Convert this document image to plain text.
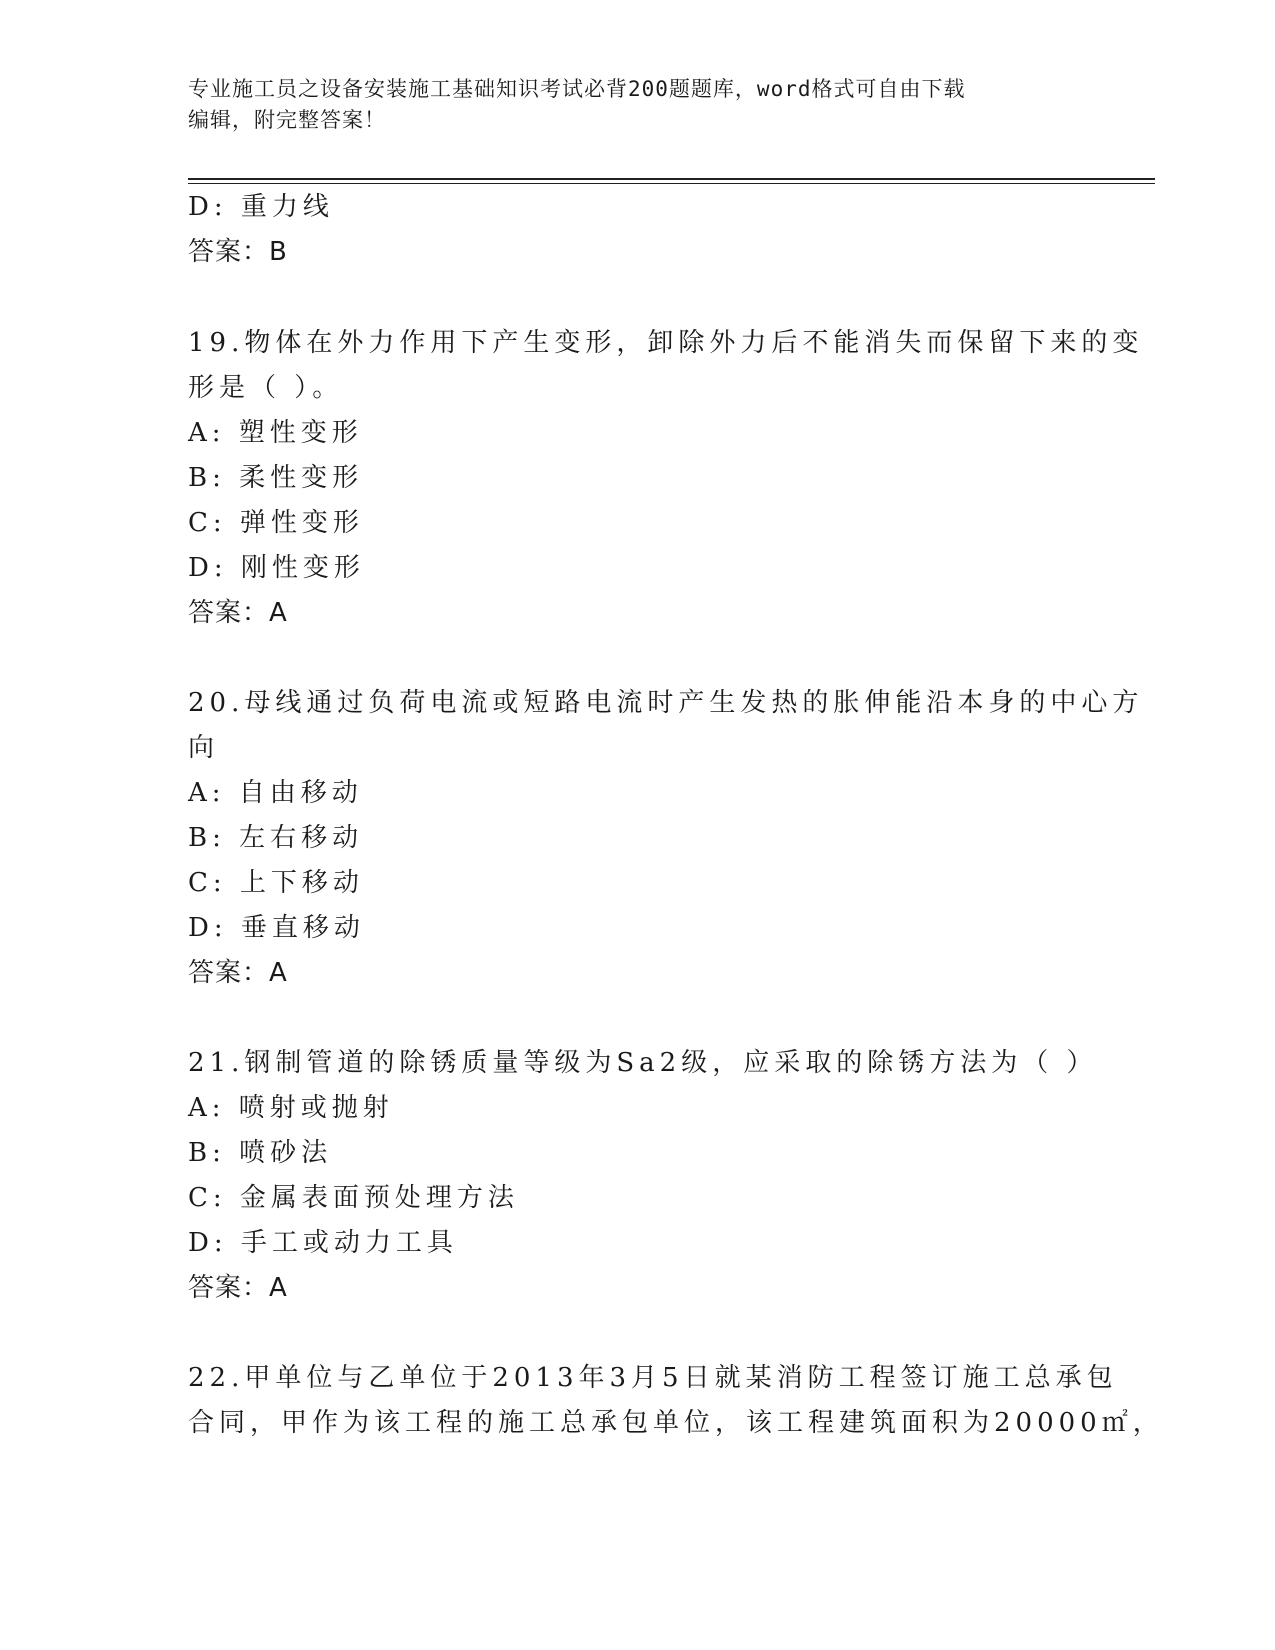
专业施工员之设备安装施工基础知识考试必背200题题库，word格式可自由下载
编辑，附完整答案！
D: 重力线
答案：B
19.物体在外力作用下产生变形，卸除外力后不能消失而保留下来的变
形是（ ）。
A: 塑性变形
B: 柔性变形
C: 弹性变形
D: 刚性变形
答案：A
20.母线通过负荷电流或短路电流时产生发热的胀伸能沿本身的中心方
向
A: 自由移动
B: 左右移动
C: 上下移动
D: 垂直移动
答案：A
21.钢制管道的除锈质量等级为Sa2级，应采取的除锈方法为（ ）
A: 喷射或抛射
B: 喷砂法
C: 金属表面预处理方法
D: 手工或动力工具
答案：A
22.甲单位与乙单位于2013年3月5日就某消防工程签订施工总承包
合同，甲作为该工程的施工总承包单位，该工程建筑面积为20000㎡，
